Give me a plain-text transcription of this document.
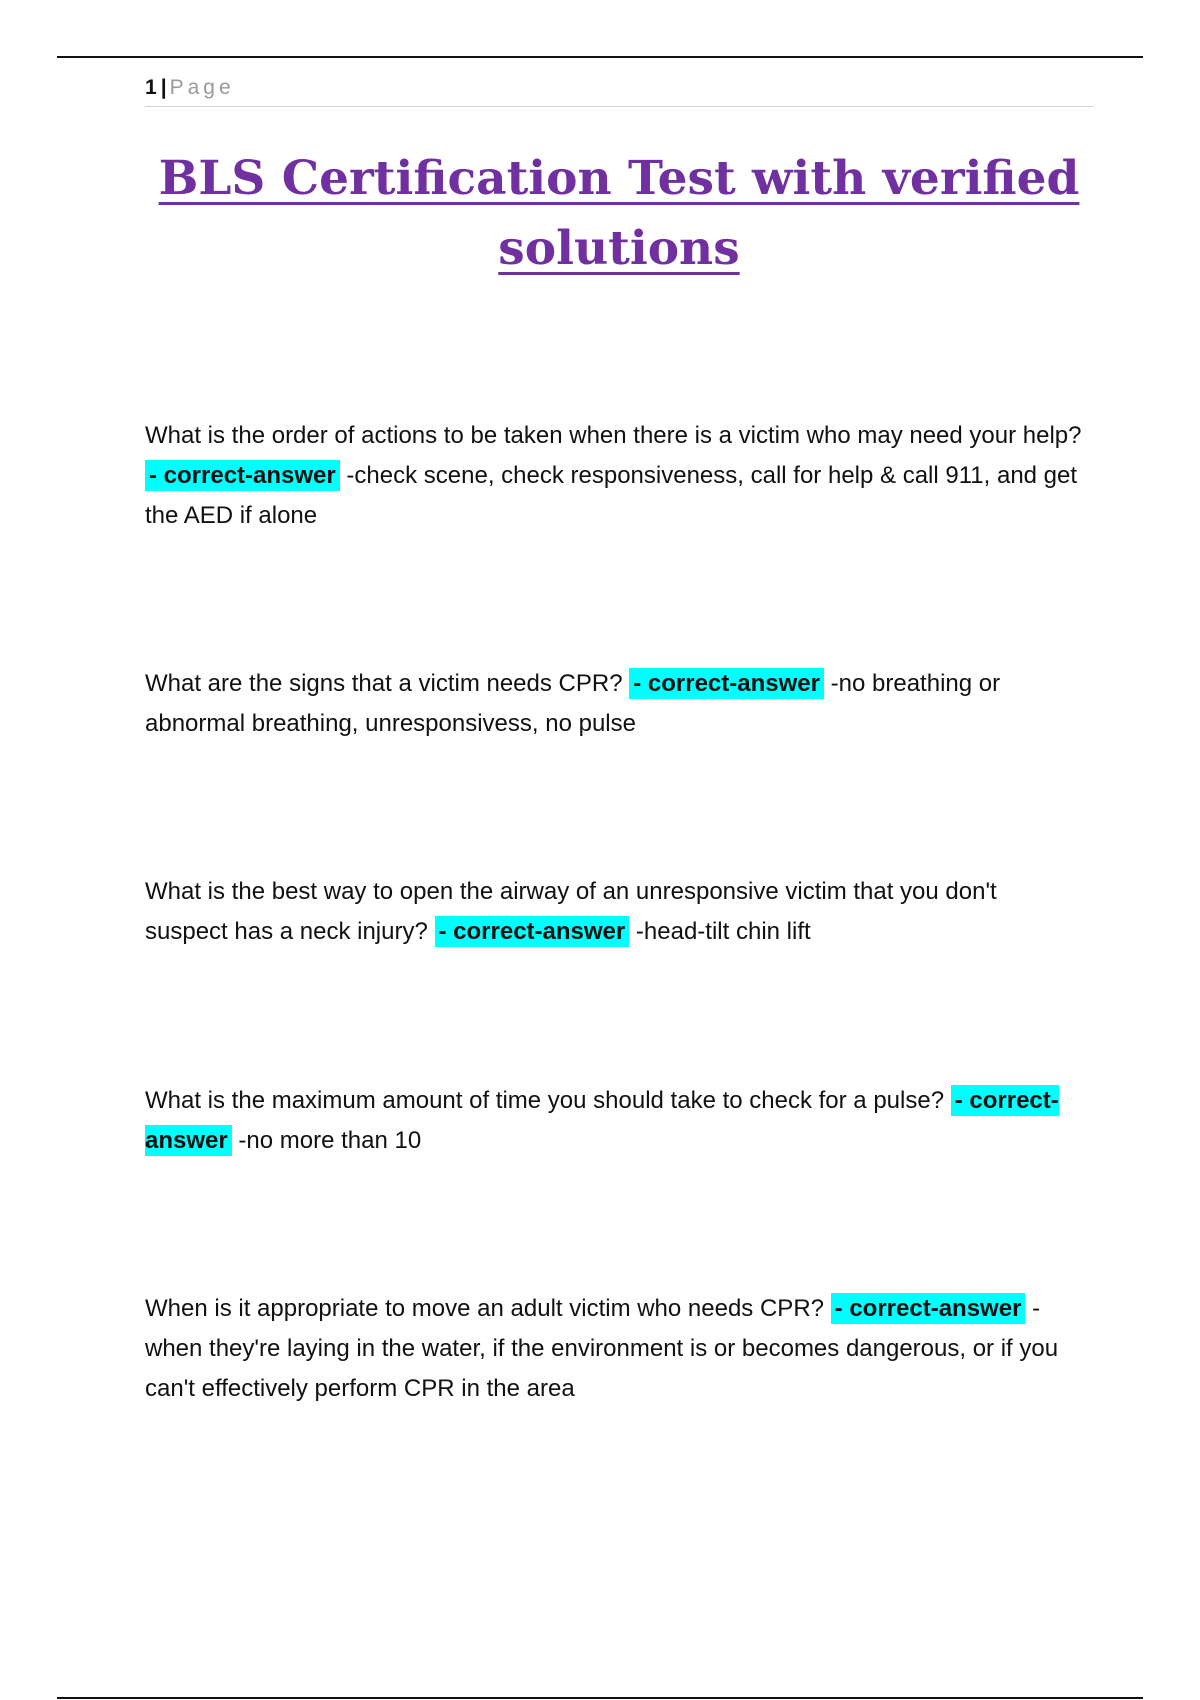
1 | Page
BLS Certification Test with verified solutions

What is the order of actions to be taken when there is a victim who may need your help? - correct-answer -check scene, check responsiveness, call for help & call 911, and get the AED if alone

What are the signs that a victim needs CPR? - correct-answer -no breathing or abnormal breathing, unresponsivess, no pulse

What is the best way to open the airway of an unresponsive victim that you don't suspect has a neck injury? - correct-answer -head-tilt chin lift

What is the maximum amount of time you should take to check for a pulse? - correct-answer -no more than 10

When is it appropriate to move an adult victim who needs CPR? - correct-answer -when they're laying in the water, if the environment is or becomes dangerous, or if you can't effectively perform CPR in the area
